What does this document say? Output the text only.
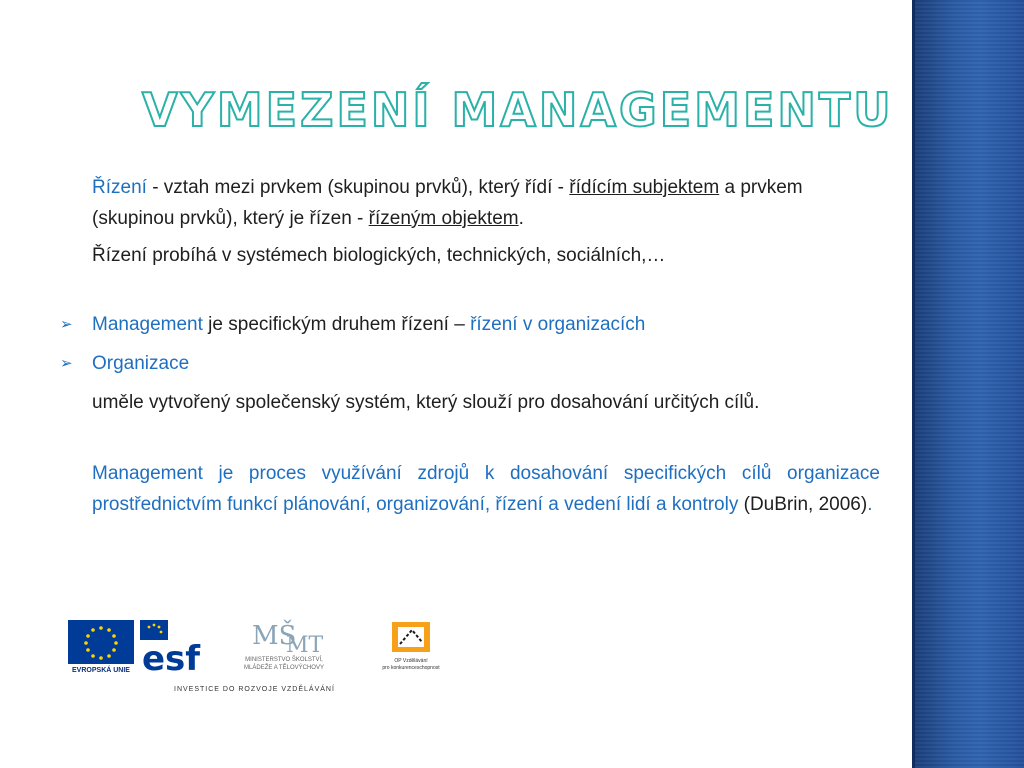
VYMEZENÍ MANAGEMENTU
Řízení - vztah mezi prvkem (skupinou prvků), který řídí - řídícím subjektem a prvkem (skupinou prvků), který je řízen - řízeným objektem.
Řízení probíhá v systémech biologických, technických, sociálních,…
➢ Management je specifickým druhem řízení – řízení v organizacích
➢ Organizace
uměle vytvořený společenský systém, který slouží pro dosahování určitých cílů.
Management je proces využívání zdrojů k dosahování specifických cílů organizace prostřednictvím funkcí plánování, organizování, řízení a vedení lidí a kontroly (DuBrin, 2006).
EVROPSKÁ UNIE esf
MŠ
MT
MINISTERSTVO ŠKOLSTVÍ,
MLÁDEŽE A TĚLOVÝCHOVY
OP Vzdělávání
pro konkurenceschopnost
INVESTICE DO ROZVOJE VZDĚLÁVÁNÍ
